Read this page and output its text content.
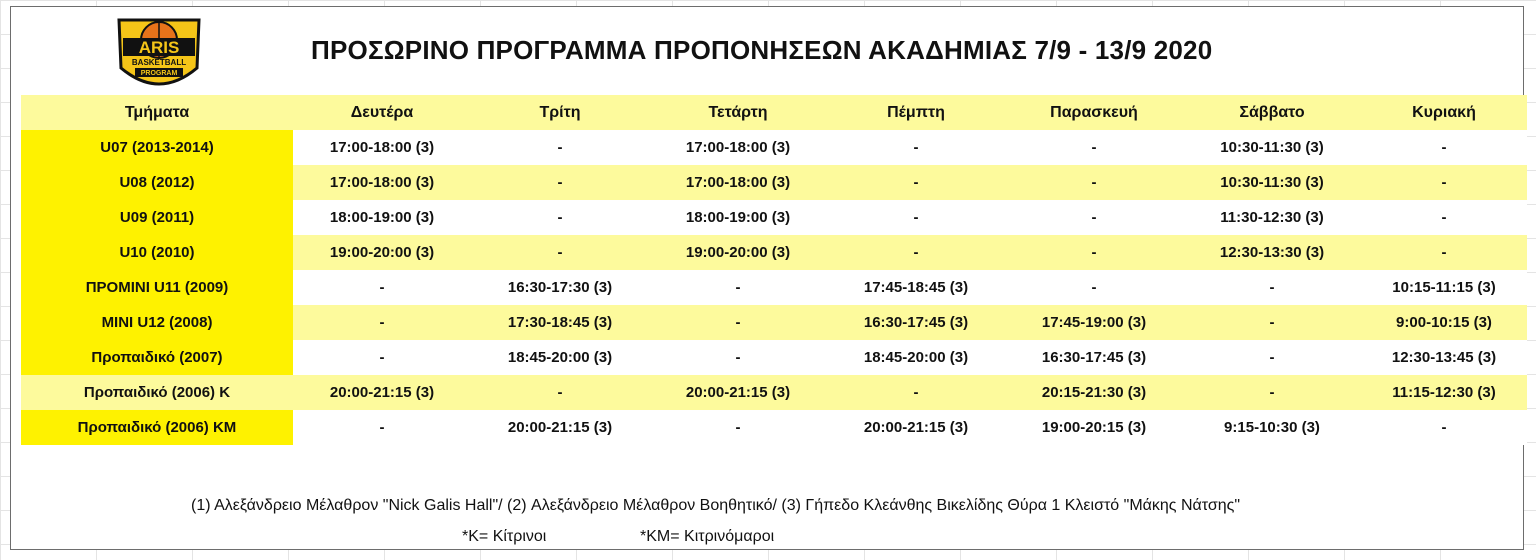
ARIS
BASKETBALL
PROGRAM
ΠΡΟΣΩΡΙΝΟ ΠΡΟΓΡΑΜΜΑ ΠΡΟΠΟΝΗΣΕΩΝ ΑΚΑΔΗΜΙΑΣ 7/9 - 13/9 2020
Τμήματα	Δευτέρα	Τρίτη	Τετάρτη	Πέμπτη	Παρασκευή	Σάββατο	Κυριακή
U07 (2013-2014)	17:00-18:00 (3)	-	17:00-18:00 (3)	-	-	10:30-11:30 (3)	-
U08 (2012)	17:00-18:00 (3)	-	17:00-18:00 (3)	-	-	10:30-11:30 (3)	-
U09 (2011)	18:00-19:00 (3)	-	18:00-19:00 (3)	-	-	11:30-12:30 (3)	-
U10 (2010)	19:00-20:00 (3)	-	19:00-20:00 (3)	-	-	12:30-13:30 (3)	-
ΠΡΟΜΙΝΙ U11 (2009)	-	16:30-17:30 (3)	-	17:45-18:45 (3)	-	-	10:15-11:15 (3)
MINI U12 (2008)	-	17:30-18:45 (3)	-	16:30-17:45 (3)	17:45-19:00 (3)	-	9:00-10:15 (3)
Προπαιδικό (2007)	-	18:45-20:00 (3)	-	18:45-20:00 (3)	16:30-17:45 (3)	-	12:30-13:45 (3)
Προπαιδικό (2006) Κ	20:00-21:15 (3)	-	20:00-21:15 (3)	-	20:15-21:30 (3)	-	11:15-12:30 (3)
Προπαιδικό (2006) ΚΜ	-	20:00-21:15 (3)	-	20:00-21:15 (3)	19:00-20:15 (3)	9:15-10:30 (3)	-
(1) Αλεξάνδρειο Μέλαθρον "Nick Galis Hall"/ (2) Αλεξάνδρειο Μέλαθρον Βοηθητικό/ (3) Γήπεδο Κλεάνθης Βικελίδης Θύρα 1 Κλειστό "Μάκης Νάτσης"
*K= Κίτρινοι	*KM= Κιτρινόμαροι
